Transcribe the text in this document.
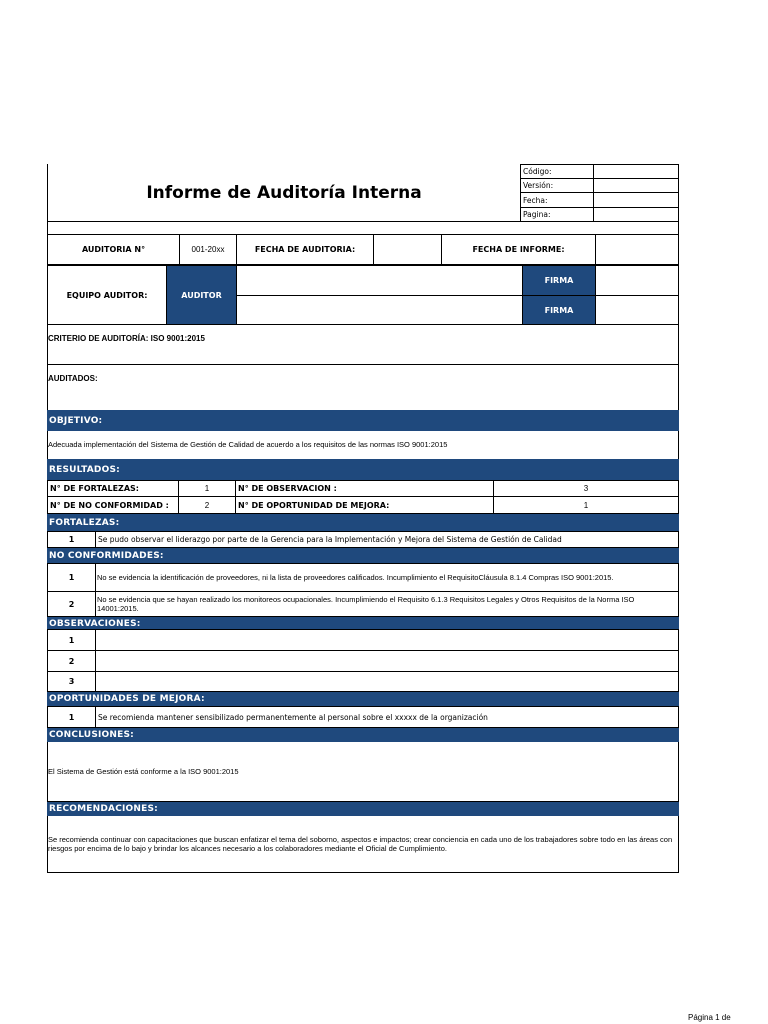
Informe de Auditoría Interna
Código:
Versión:
Fecha:
Pagina:
AUDITORIA N°	001-20xx	FECHA DE AUDITORIA:	FECHA DE INFORME:
EQUIPO AUDITOR:	AUDITOR
FIRMA
FIRMA
CRITERIO DE AUDITORÍA: ISO 9001:2015
AUDITADOS:
OBJETIVO:
Adecuada implementación del Sistema de Gestión de Calidad de acuerdo a los requisitos de las normas ISO 9001:2015
RESULTADOS:
N° DE FORTALEZAS:	1	N° DE OBSERVACION :	3
N° DE NO CONFORMIDAD :	2	N° DE OPORTUNIDAD DE MEJORA:	1
FORTALEZAS:
1	Se pudo observar el liderazgo por parte de la Gerencia para la Implementación y Mejora del Sistema de Gestión de Calidad
NO CONFORMIDADES:
1	No se evidencia la identificación de proveedores, ni la lista de proveedores calificados. Incumplimiento el RequisitoCláusula 8.1.4 Compras ISO 9001:2015.
2	No se evidencia que se hayan realizado los monitoreos ocupacionales. Incumplimiendo el Requisito 6.1.3 Requisitos Legales y Otros Requisitos de la Norma ISO 14001:2015.
OBSERVACIONES:
1
2
3
OPORTUNIDADES DE MEJORA:
1	Se recomienda mantener sensibilizado permanentemente al personal sobre el xxxxx de la organización
CONCLUSIONES:
El Sistema de Gestión está conforme a la ISO 9001:2015
RECOMENDACIONES:
Se recomienda continuar con capacitaciones que buscan enfatizar el tema del soborno, aspectos e impactos; crear conciencia en cada uno de los trabajadores sobre todo en las áreas con riesgos por encima de lo bajo y brindar los alcances necesario a los colaboradores mediante el Oficial de Cumplimiento.
Página 1 de
